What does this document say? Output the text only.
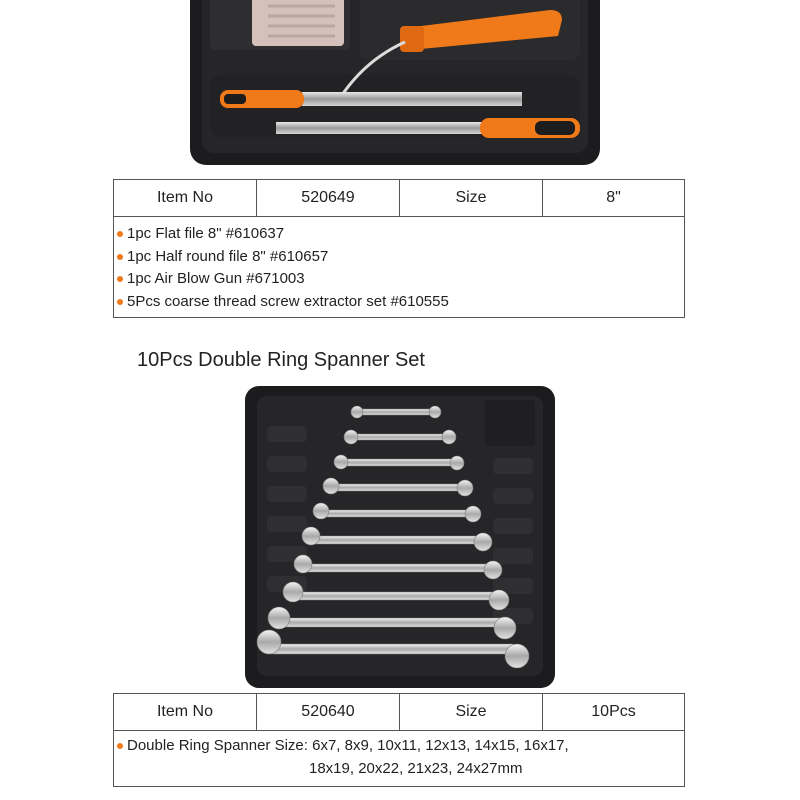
Item No	520649	Size	8"
1pc Flat file 8" #610637
1pc Half round file 8" #610657
1pc Air Blow Gun #671003
5Pcs coarse thread screw extractor set #610555
10Pcs Double Ring Spanner Set
Item No	520640	Size	10Pcs
Double Ring Spanner Size: 6x7, 8x9, 10x11, 12x13, 14x15, 16x17,
18x19, 20x22, 21x23, 24x27mm
